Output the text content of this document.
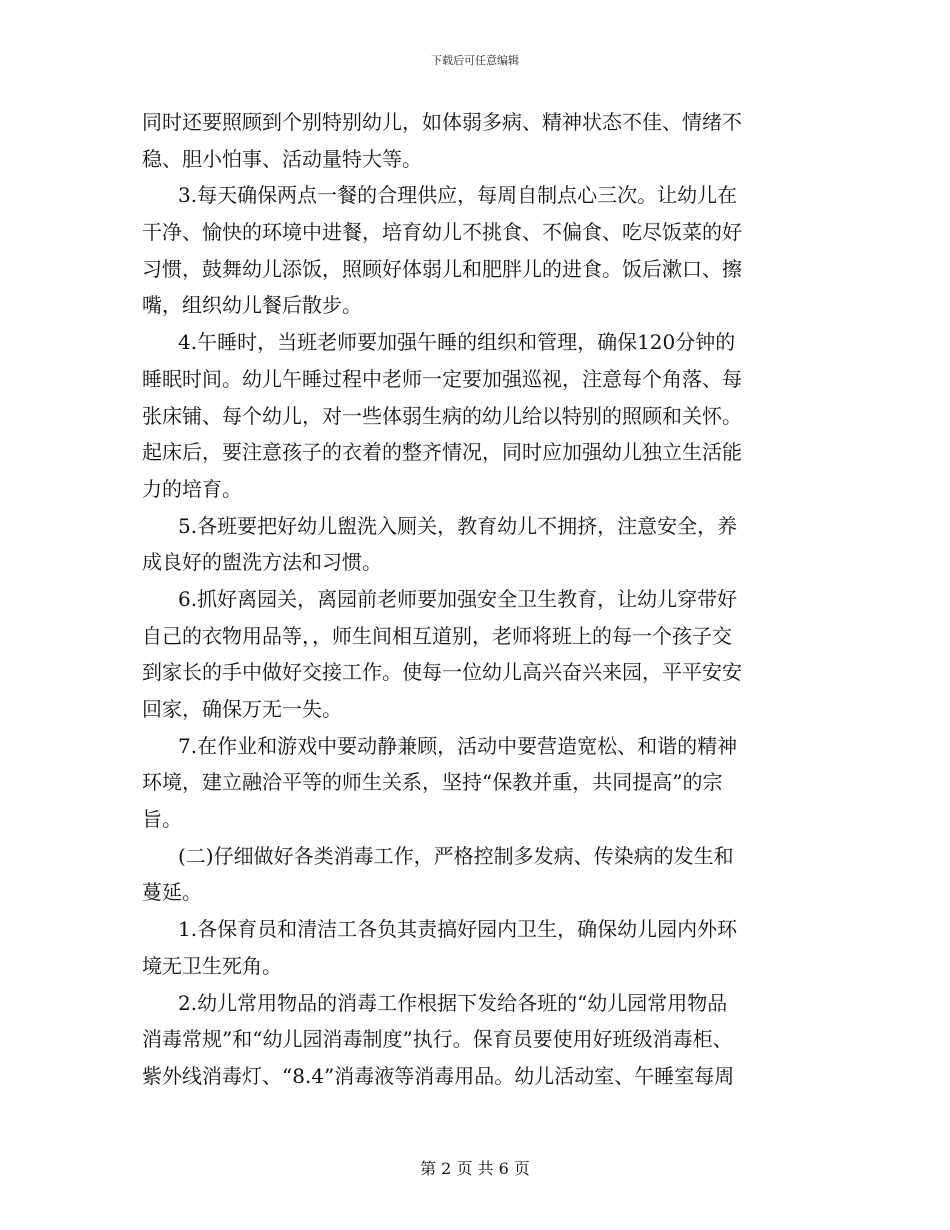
下载后可任意编辑
同时还要照顾到个别特别幼儿，如体弱多病、精神状态不佳、情绪不
稳、胆小怕事、活动量特大等。
3.每天确保两点一餐的合理供应，每周自制点心三次。让幼儿在
干净、愉快的环境中进餐，培育幼儿不挑食、不偏食、吃尽饭菜的好
习惯，鼓舞幼儿添饭，照顾好体弱儿和肥胖儿的进食。饭后漱口、擦
嘴，组织幼儿餐后散步。
4.午睡时，当班老师要加强午睡的组织和管理，确保120分钟的
睡眠时间。幼儿午睡过程中老师一定要加强巡视，注意每个角落、每
张床铺、每个幼儿，对一些体弱生病的幼儿给以特别的照顾和关怀。
起床后，要注意孩子的衣着的整齐情况，同时应加强幼儿独立生活能
力的培育。
5.各班要把好幼儿盥洗入厕关，教育幼儿不拥挤，注意安全，养
成良好的盥洗方法和习惯。
6.抓好离园关，离园前老师要加强安全卫生教育，让幼儿穿带好
自己的衣物用品等，，师生间相互道别，老师将班上的每一个孩子交
到家长的手中做好交接工作。使每一位幼儿高兴奋兴来园，平平安安
回家，确保万无一失。
7.在作业和游戏中要动静兼顾，活动中要营造宽松、和谐的精神
环境，建立融洽平等的师生关系，坚持“保教并重，共同提高”的宗
旨。
(二)仔细做好各类消毒工作，严格控制多发病、传染病的发生和
蔓延。
1.各保育员和清洁工各负其责搞好园内卫生，确保幼儿园内外环
境无卫生死角。
2.幼儿常用物品的消毒工作根据下发给各班的“幼儿园常用物品
消毒常规”和“幼儿园消毒制度”执行。保育员要使用好班级消毒柜、
紫外线消毒灯、“8.4”消毒液等消毒用品。幼儿活动室、午睡室每周
第 2 页 共 6 页
